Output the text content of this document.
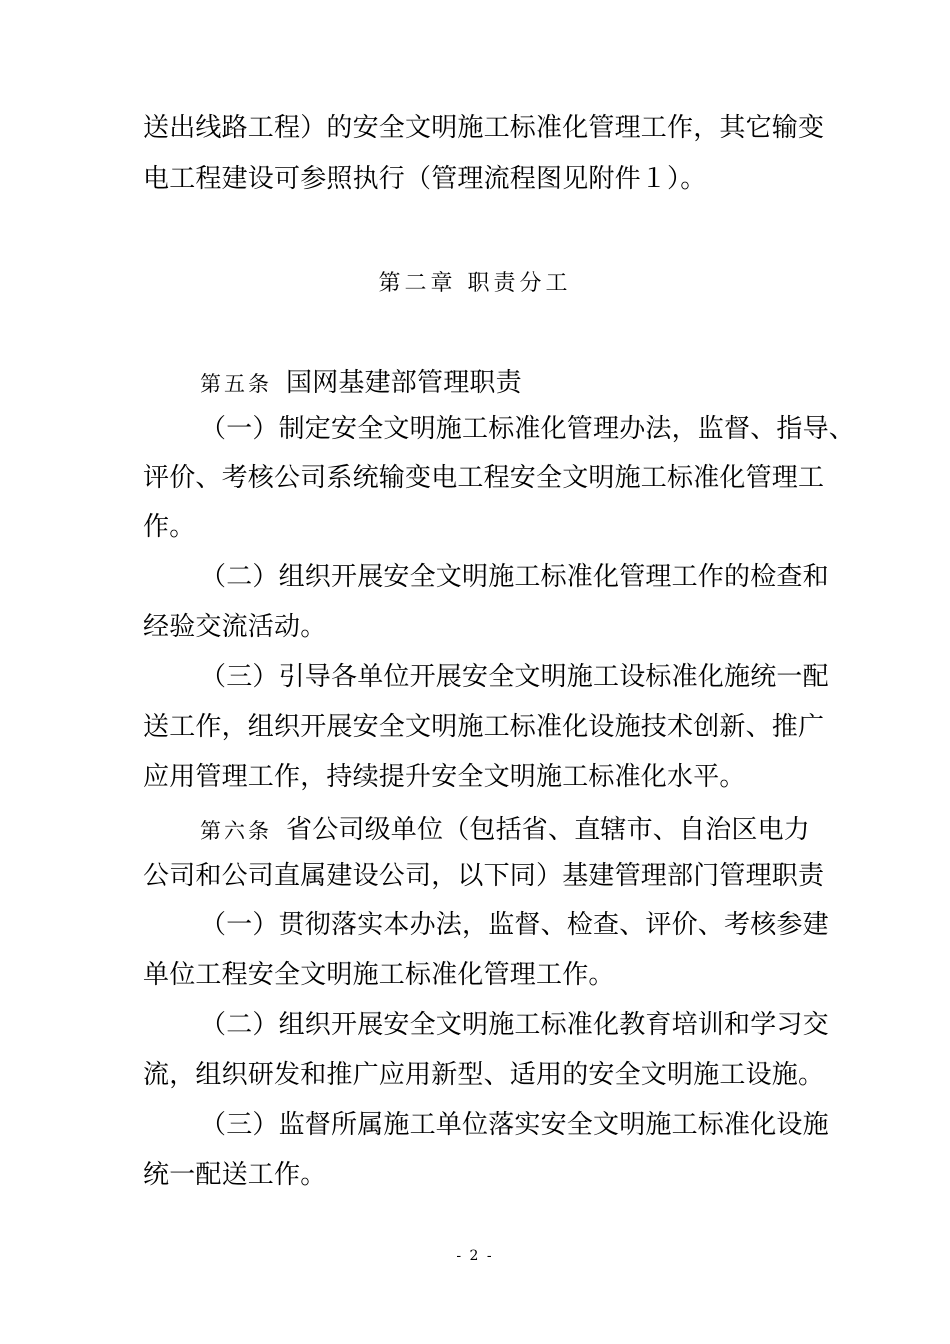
送出线路工程）的安全文明施工标准化管理工作，其它输变
电工程建设可参照执行（管理流程图见附件１）。
第二章 职责分工
第五条 国网基建部管理职责
（一）制定安全文明施工标准化管理办法，监督、指导、
评价、考核公司系统输变电工程安全文明施工标准化管理工
作。
（二）组织开展安全文明施工标准化管理工作的检查和
经验交流活动。
（三）引导各单位开展安全文明施工设标准化施统一配
送工作，组织开展安全文明施工标准化设施技术创新、推广
应用管理工作，持续提升安全文明施工标准化水平。
第六条 省公司级单位（包括省、直辖市、自治区电力
公司和公司直属建设公司，以下同）基建管理部门管理职责
（一）贯彻落实本办法，监督、检查、评价、考核参建
单位工程安全文明施工标准化管理工作。
（二）组织开展安全文明施工标准化教育培训和学习交
流，组织研发和推广应用新型、适用的安全文明施工设施。
（三）监督所属施工单位落实安全文明施工标准化设施
统一配送工作。
- 2 -
